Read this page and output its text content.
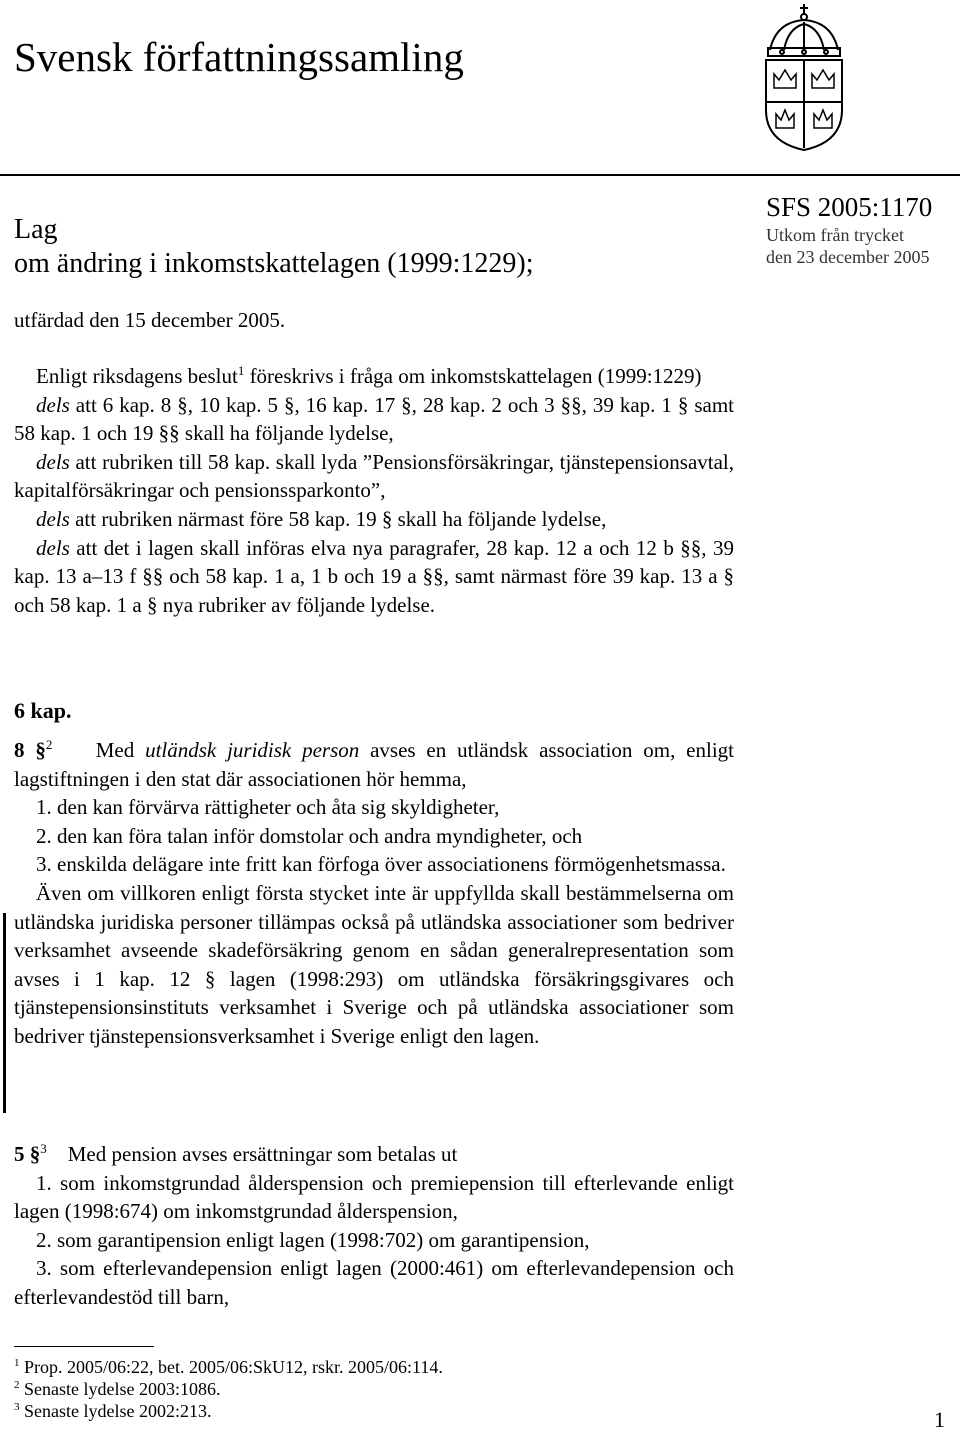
Svensk författningssamling
Lag
om ändring i inkomstskattelagen (1999:1229);
SFS 2005:1170
Utkom från trycket
den 23 december 2005
utfärdad den 15 december 2005.

Enligt riksdagens beslut$^1$ föreskrivs i fråga om inkomstskattelagen (1999:1229)

dels att 6 kap. 8 §, 10 kap. 5 §, 16 kap. 17 §, 28 kap. 2 och 3 §§, 39 kap. 1 § samt 58 kap. 1 och 19 §§ skall ha följande lydelse,

dels att rubriken till 58 kap. skall lyda ”Pensionsförsäkringar, tjänstepensionsavtal, kapitalförsäkringar och pensionssparkonto”,

dels att rubriken närmast före 58 kap. 19 § skall ha följande lydelse,

dels att det i lagen skall införas elva nya paragrafer, 28 kap. 12 a och 12 b §§, 39 kap. 13 a–13 f §§ och 58 kap. 1 a, 1 b och 19 a §§, samt närmast före 39 kap. 13 a § och 58 kap. 1 a § nya rubriker av följande lydelse.

6 kap.

8 §$^2$ Med utländsk juridisk person avses en utländsk association om, enligt lagstiftningen i den stat där associationen hör hemma,

1. den kan förvärva rättigheter och åta sig skyldigheter,

2. den kan föra talan inför domstolar och andra myndigheter, och

3. enskilda delägare inte fritt kan förfoga över associationens förmögenhetsmassa.

Även om villkoren enligt första stycket inte är uppfyllda skall bestämmelserna om utländska juridiska personer tillämpas också på utländska associationer som bedriver verksamhet avseende skadeförsäkring genom en sådan generalrepresentation som avses i 1 kap. 12 § lagen (1998:293) om utländska försäkringsgivares och tjänstepensionsinstituts verksamhet i Sverige och på utländska associationer som bedriver tjänstepensionsverksamhet i Sverige enligt den lagen.

5 §$^3$ Med pension avses ersättningar som betalas ut

1. som inkomstgrundad ålderspension och premiepension till efterlevande enligt lagen (1998:674) om inkomstgrundad ålderspension,

2. som garantipension enligt lagen (1998:702) om garantipension,

3. som efterlevandepension enligt lagen (2000:461) om efterlevandepension och efterlevandestöd till barn,

$^1$ Prop. 2005/06:22, bet. 2005/06:SkU12, rskr. 2005/06:114.
$^2$ Senaste lydelse 2003:1086.
$^3$ Senaste lydelse 2002:213.	1
